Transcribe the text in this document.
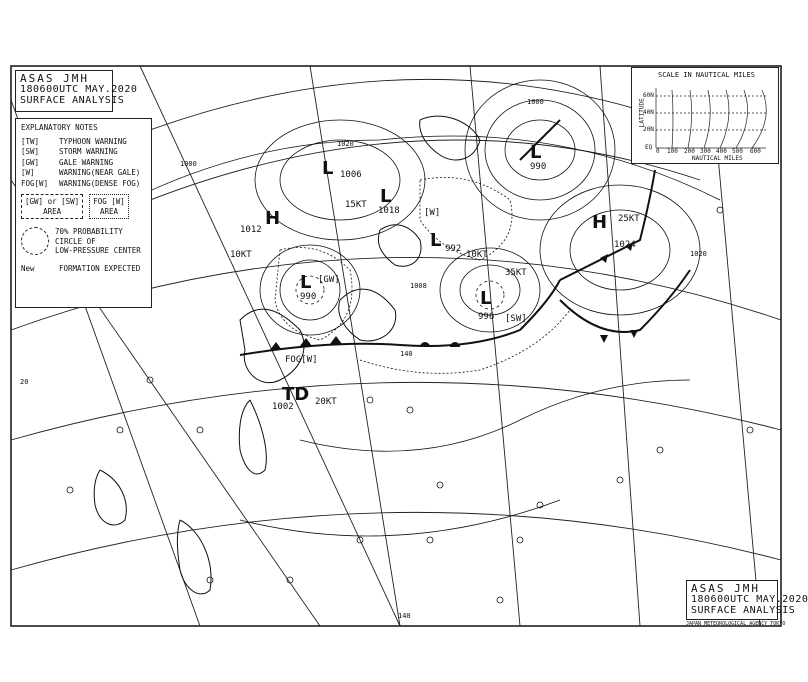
L 1006
L
1018
L
990
L
996
L 992
L
990
H
1024
H
1012
TD
1002
[W]
FOG[W]
[GW]
[SW]
15KT
10KT
35KT
20KT
25KT
10KT
1000
1020
1008
1020
1000
140
140
20
ASAS JMH
180600UTC MAY.2020
SURFACE ANALYSIS
EXPLANATORY NOTES
[TW]	TYPHOON WARNING
[SW]	STORM WARNING
[GW]	GALE WARNING
[W]	WARNING(NEAR GALE)
FOG[W]	WARNING(DENSE FOG)
[GW] or [SW]
AREA
FOG [W]
AREA
70% PROBABILITY
CIRCLE OF
LOW-PRESSURE CENTER
New	FORMATION EXPECTED
SCALE IN NAUTICAL MILES
LATITUDE
60N
40N
20N
EQ
0 100 200 300 400 500 600
NAUTICAL MILES
ASAS JMH
180600UTC MAY.2020
SURFACE ANALYSIS
JAPAN METEOROLOGICAL AGENCY TOKYO
